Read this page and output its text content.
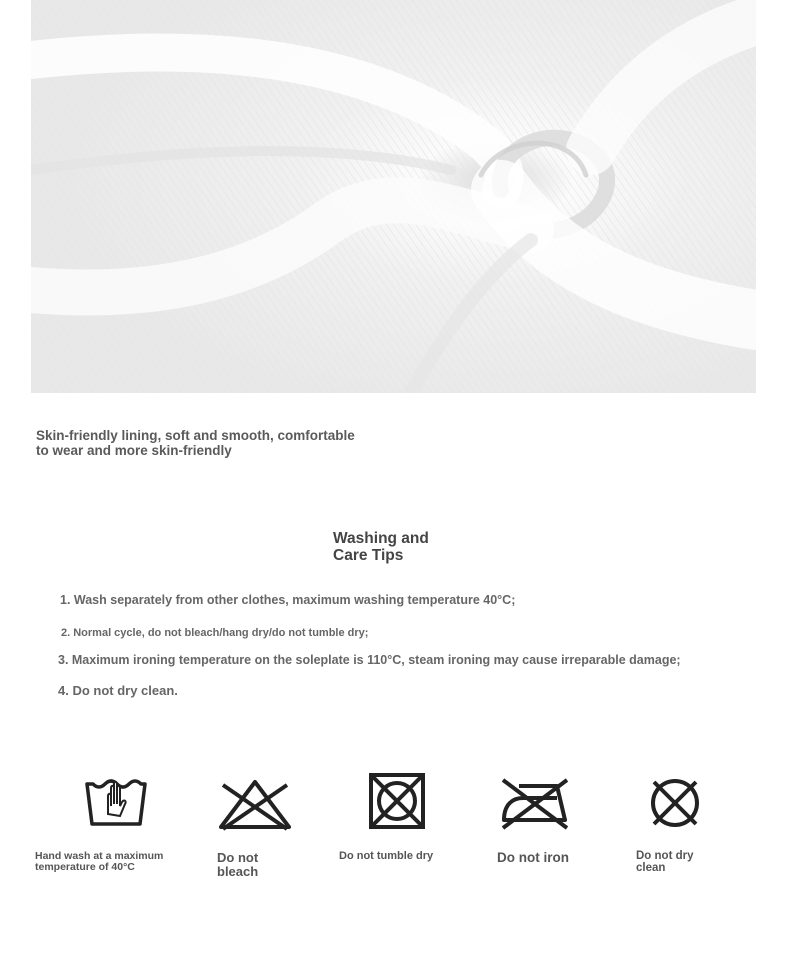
Skin-friendly lining, soft and smooth, comfortable
to wear and more skin-friendly
Washing and
Care Tips
1. Wash separately from other clothes, maximum washing temperature 40°C;
2. Normal cycle, do not bleach/hang dry/do not tumble dry;
3. Maximum ironing temperature on the soleplate is 110°C, steam ironing may cause irreparable damage;
4. Do not dry clean.
Hand wash at a maximum
temperature of 40°C
Do not
bleach
Do not tumble dry	Do not iron	Do not dry
clean
